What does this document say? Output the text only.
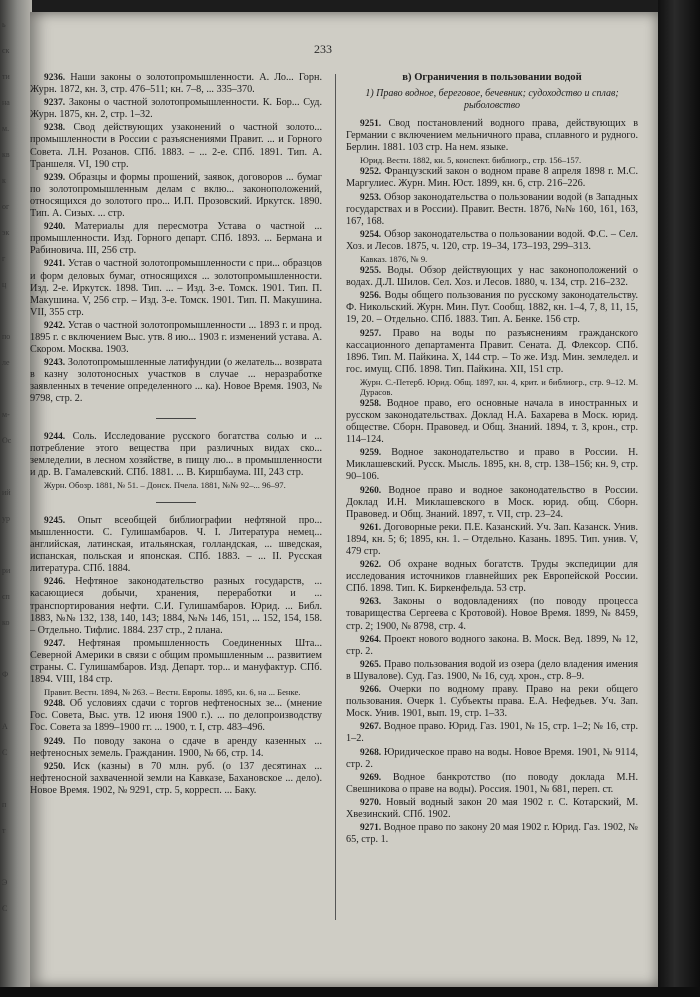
ь
ск
ти
на
м.
кв
к
ог
эк
г
ц
по
ле
м-
Ос
ий
ур
ри
сп
ко
Ф
А
С
п
т
Э
С
233
9236. Наши законы о золотопромышленности. А. Ло... Горн. Журн. 1872, кн. 3, стр. 476–511; кн. 7–8, ... 335–370.
9237. Законы о частной золотопромышленности. К. Бор... Суд. Журн. 1875, кн. 2, стр. 1–32.
9238. Свод действующих узаконений о частной золото... промышленности в России с разъяснениями Правит. ... и Горного Совета. Л.Н. Розанов. СПб. 1883. – ... 2-е. СПб. 1891. Тип. А. Траншеля. VI, 190 стр.
9239. Образцы и формы прошений, заявок, договоров ... бумаг по золотопромышленным делам с вклю... законоположений, относящихся до золотого про... И.П. Прозовский. Иркутск. 1890. Тип. А. Сизых. ... стр.
9240. Материалы для пересмотра Устава о частной ... промышленности. Изд. Горного департ. СПб. 1893. ... Бермана и Рабиновича. III, 256 стр.
9241. Устав о частной золотопромышленности с при... образцов и форм деловых бумаг, относящихся ... золотопромышленности. Изд. 2-е. Иркутск. 1898. Тип. ... – Изд. 3-е. Томск. 1901. Тип. П. Макушина. V, 256 стр. – Изд. 3-е. Томск. 1901. Тип. П. Макушина. VII, 355 стр.
9242. Устав о частной золотопромышленности ... 1893 г. и прод. 1895 г. с включением Выс. утв. 8 ию... 1903 г. изменений устава. А. Скором. Москва. 1903.
9243. Золотопромышленные латифундии (о желатель... возврата в казну золотоносных участков в случае ... неразработке заявленных в течение определенного ... ка). Новое Время. 1903, № 9798, стр. 2.
9244. Соль. Исследование русского богатства солью и ... потребление этого вещества при различных видах ско... земледелии, в лесном хозяйстве, в пищу лю... в промышленности и др. В. Гамалевский. СПб. 1881. ... В. Киршбаума. III, 243 стр.
Журн. Обозр. 1881, № 51. – Донск. Пчела. 1881, №№ 92–... 96–97.
9245. Опыт всеобщей библиографии нефтяной про... мышленности. С. Гулишамбаров. Ч. I. Литература немец... английская, латинская, итальянская, голландская, ... шведская, испанская, польская и японская. СПб. 1883. – ... II. Русская литература. СПб. 1884.
9246. Нефтяное законодательство разных государств, ... касающиеся добычи, хранения, переработки и ... транспортирования нефти. С.И. Гулишамбаров. Юрид. ... Библ. 1883, №№ 132, 138, 140, 143; 1884, №№ 146, 151, ... 152, 154, 158. – Отдельно. Тифлис. 1884. 237 стр., 2 плана.
9247. Нефтяная промышленность Соединенных Шта... Северной Америки в связи с общим промышленным ... развитием страны. С. Гулишамбаров. Изд. Департ. тор... и мануфактур. СПб. 1894. VIII, 184 стр.
Правит. Вестн. 1894, № 263. – Вестн. Европы. 1895, кн. 6, на ... Бенке.
9248. Об условиях сдачи с торгов нефтеносных зе... (мнение Гос. Совета, Выс. утв. 12 июня 1900 г.). ... по делопроизводству Гос. Совета за 1899–1900 гг. ... 1900, т. I, стр. 483–496.
9249. По поводу закона о сдаче в аренду казенных ... нефтеносных земель. Гражданин. 1900, № 66, стр. 14.
9250. Иск (казны) в 70 млн. руб. (о 137 десятинах ... нефтеносной захваченной земли на Кавказе, Бахановское ... дело). Новое Время. 1902, № 9291, стр. 5, корресп. ... Баку.
в) Ограничения в пользовании водой
1) Право водное, береговое, бечевник; судоходство и сплав; рыболовство
9251. Свод постановлений водного права, действующих в Германии с включением мельничного права, сплавного и рудного. Берлин. 1881. 103 стр. На нем. языке.
Юрид. Вестн. 1882, кн. 5, конспект. библиогр., стр. 156–157.
9252. Французский закон о водном праве 8 апреля 1898 г. М.С. Маргулиес. Журн. Мин. Юст. 1899, кн. 6, стр. 216–226.
9253. Обзор законодательства о пользовании водой (в Западных государствах и в России). Правит. Вестн. 1876, №№ 160, 161, 163, 167, 168.
9254. Обзор законодательства о пользовании водой. Ф.С. – Сел. Хоз. и Лесов. 1875, ч. 120, стр. 19–34, 173–193, 299–313.
Кавказ. 1876, № 9.
9255. Воды. Обзор действующих у нас законоположений о водах. Д.Л. Шилов. Сел. Хоз. и Лесов. 1880, ч. 134, стр. 216–232.
9256. Воды общего пользования по русскому законодательству. Ф. Никольский. Журн. Мин. Пут. Сообщ. 1882, кн. 1–4, 7, 8, 11, 15, 19, 20. – Отдельно. СПб. 1883. Тип. А. Бенке. 156 стр.
9257. Право на воды по разъяснениям гражданского кассационного департамента Правит. Сената. Д. Флексор. СПб. 1896. Тип. М. Пайкина. Х, 144 стр. – То же. Изд. Мин. земледел. и гос. имущ. СПб. 1898. Тип. Пайкина. XII, 151 стр.
Журн. С.-Петерб. Юрид. Общ. 1897, кн. 4, крит. и библиогр., стр. 9–12. М. Дурасов.
9258. Водное право, его основные начала в иностранных и русском законодательствах. Доклад Н.А. Бахарева в Моск. юрид. обществе. Сборн. Правовед. и Общ. Знаний. 1894, т. 3, крон., стр. 114–124.
9259. Водное законодательство и право в России. Н. Миклашевский. Русск. Мысль. 1895, кн. 8, стр. 138–156; кн. 9, стр. 90–106.
9260. Водное право и водное законодательство в России. Доклад И.Н. Миклашевского в Моск. юрид. общ. Сборн. Правовед. и Общ. Знаний. 1897, т. VII, стр. 23–24.
9261. Договорные реки. П.Е. Казанский. Уч. Зап. Казанск. Унив. 1894, кн. 5; 6; 1895, кн. 1. – Отдельно. Казань. 1895. Тип. унив. V, 479 стр.
9262. Об охране водных богатств. Труды экспедиции для исследования источников главнейших рек Европейской России. СПб. 1898. Тип. К. Биркенфельда. 53 стр.
9263. Законы о водовладениях (по поводу процесса товарищества Сергеева с Кротовой). Новое Время. 1899, № 8459, стр. 2; 1900, № 8798, стр. 4.
9264. Проект нового водного закона. В. Моск. Вед. 1899, № 12, стр. 2.
9265. Право пользования водой из озера (дело владения имения в Шувалове). Суд. Газ. 1900, № 16, суд. хрон., стр. 8–9.
9266. Очерки по водному праву. Право на реки общего пользования. Очерк 1. Субъекты права. Е.А. Нефедьев. Уч. Зап. Моск. Унив. 1901, вып. 19, стр. 1–33.
9267. Водное право. Юрид. Газ. 1901, № 15, стр. 1–2; № 16, стр. 1–2.
9268. Юридическое право на воды. Новое Время. 1901, № 9114, стр. 2.
9269. Водное банкротство (по поводу доклада М.Н. Свешникова о праве на воды). Россия. 1901, № 681, переп. ст.
9270. Новый водный закон 20 мая 1902 г. С. Котарский, М. Хвезинский. СПб. 1902.
9271. Водное право по закону 20 мая 1902 г. Юрид. Газ. 1902, № 65, стр. 1.
